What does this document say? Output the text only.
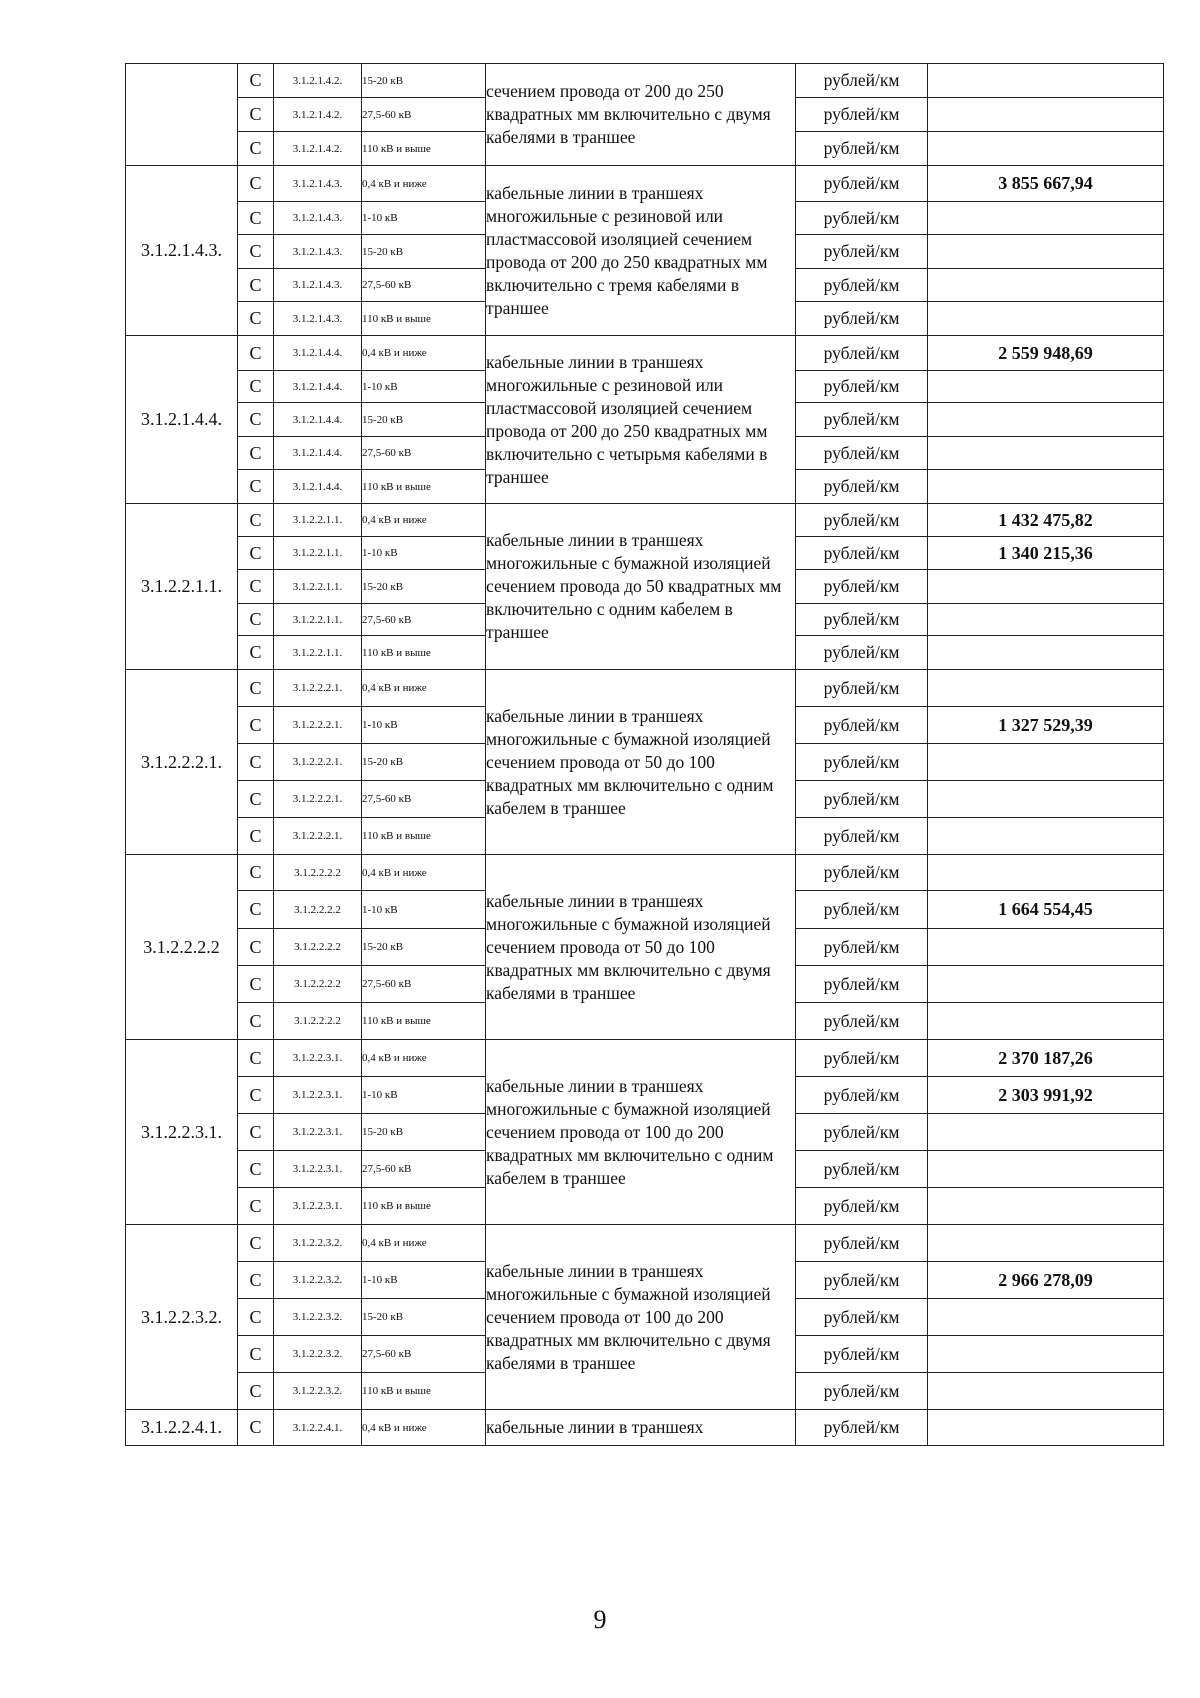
	С	3.1.2.1.4.2.	15-20 кВ	сечением провода от 200 до 250 квадратных мм включительно с двумя кабелями в траншее	рублей/км	
	С	3.1.2.1.4.2.	27,5-60 кВ		рублей/км	
	С	3.1.2.1.4.2.	110 кВ и выше		рублей/км	
3.1.2.1.4.3.	С	3.1.2.1.4.3.	0,4 кВ и ниже	кабельные линии в траншеях многожильные с резиновой или пластмассовой изоляцией сечением провода от 200 до 250 квадратных мм включительно с тремя кабелями в траншее	рублей/км	3 855 667,94
	С	3.1.2.1.4.3.	1-10 кВ		рублей/км	
	С	3.1.2.1.4.3.	15-20 кВ		рублей/км	
	С	3.1.2.1.4.3.	27,5-60 кВ		рублей/км	
	С	3.1.2.1.4.3.	110 кВ и выше		рублей/км	
3.1.2.1.4.4.	С	3.1.2.1.4.4.	0,4 кВ и ниже	кабельные линии в траншеях многожильные с резиновой или пластмассовой изоляцией сечением провода от 200 до 250 квадратных мм включительно с четырьмя кабелями в траншее	рублей/км	2 559 948,69
	С	3.1.2.1.4.4.	1-10 кВ		рублей/км	
	С	3.1.2.1.4.4.	15-20 кВ		рублей/км	
	С	3.1.2.1.4.4.	27,5-60 кВ		рублей/км	
	С	3.1.2.1.4.4.	110 кВ и выше		рублей/км	
3.1.2.2.1.1.	С	3.1.2.2.1.1.	0,4 кВ и ниже	кабельные линии в траншеях многожильные с бумажной изоляцией сечением провода до 50 квадратных мм включительно с одним кабелем в траншее	рублей/км	1 432 475,82
	С	3.1.2.2.1.1.	1-10 кВ		рублей/км	1 340 215,36
	С	3.1.2.2.1.1.	15-20 кВ		рублей/км	
	С	3.1.2.2.1.1.	27,5-60 кВ		рублей/км	
	С	3.1.2.2.1.1.	110 кВ и выше		рублей/км	
3.1.2.2.2.1.	С	3.1.2.2.2.1.	0,4 кВ и ниже	кабельные линии в траншеях многожильные с бумажной изоляцией сечением провода от 50 до 100 квадратных мм включительно с одним кабелем в траншее	рублей/км	
	С	3.1.2.2.2.1.	1-10 кВ		рублей/км	1 327 529,39
	С	3.1.2.2.2.1.	15-20 кВ		рублей/км	
	С	3.1.2.2.2.1.	27,5-60 кВ		рублей/км	
	С	3.1.2.2.2.1.	110 кВ и выше		рублей/км	
3.1.2.2.2.2	С	3.1.2.2.2.2	0,4 кВ и ниже	кабельные линии в траншеях многожильные с бумажной изоляцией сечением провода от 50 до 100 квадратных мм включительно с двумя кабелями в траншее	рублей/км	
	С	3.1.2.2.2.2	1-10 кВ		рублей/км	1 664 554,45
	С	3.1.2.2.2.2	15-20 кВ		рублей/км	
	С	3.1.2.2.2.2	27,5-60 кВ		рублей/км	
	С	3.1.2.2.2.2	110 кВ и выше		рублей/км	
3.1.2.2.3.1.	С	3.1.2.2.3.1.	0,4 кВ и ниже	кабельные линии в траншеях многожильные с бумажной изоляцией сечением провода от 100 до 200 квадратных мм включительно с одним кабелем в траншее	рублей/км	2 370 187,26
	С	3.1.2.2.3.1.	1-10 кВ		рублей/км	2 303 991,92
	С	3.1.2.2.3.1.	15-20 кВ		рублей/км	
	С	3.1.2.2.3.1.	27,5-60 кВ		рублей/км	
	С	3.1.2.2.3.1.	110 кВ и выше		рублей/км	
3.1.2.2.3.2.	С	3.1.2.2.3.2.	0,4 кВ и ниже	кабельные линии в траншеях многожильные с бумажной изоляцией сечением провода от 100 до 200 квадратных мм включительно с двумя кабелями в траншее	рублей/км	
	С	3.1.2.2.3.2.	1-10 кВ		рублей/км	2 966 278,09
	С	3.1.2.2.3.2.	15-20 кВ		рублей/км	
	С	3.1.2.2.3.2.	27,5-60 кВ		рублей/км	
	С	3.1.2.2.3.2.	110 кВ и выше		рублей/км	
3.1.2.2.4.1.	С	3.1.2.2.4.1.	0,4 кВ и ниже	кабельные линии в траншеях	рублей/км	
9
